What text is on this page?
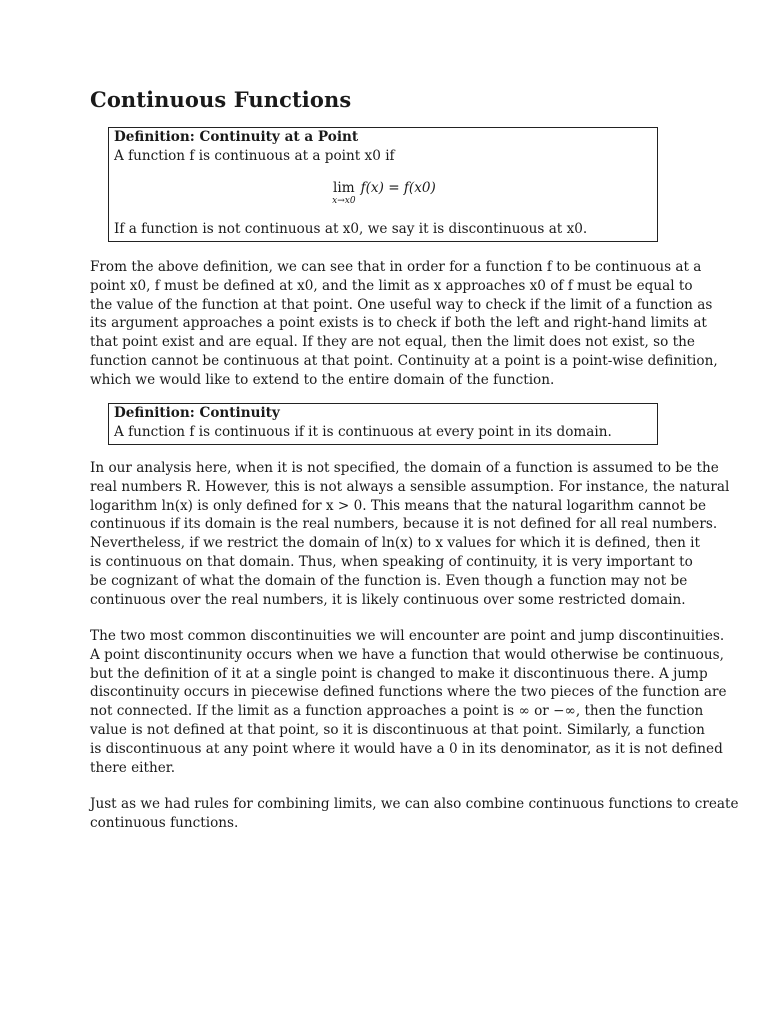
Continuous Functions
Definition: Continuity at a Point
A function f is continuous at a point x0 if
lim
x→x0
f(x) = f(x0)
If a function is not continuous at x0, we say it is discontinuous at x0.
From the above definition, we can see that in order for a function f to be continuous at a
point x0, f must be defined at x0, and the limit as x approaches x0 of f must be equal to
the value of the function at that point. One useful way to check if the limit of a function as
its argument approaches a point exists is to check if both the left and right-hand limits at
that point exist and are equal. If they are not equal, then the limit does not exist, so the
function cannot be continuous at that point. Continuity at a point is a point-wise definition,
which we would like to extend to the entire domain of the function.
Definition: Continuity
A function f is continuous if it is continuous at every point in its domain.
In our analysis here, when it is not specified, the domain of a function is assumed to be the
real numbers R. However, this is not always a sensible assumption. For instance, the natural
logarithm ln(x) is only defined for x > 0. This means that the natural logarithm cannot be
continuous if its domain is the real numbers, because it is not defined for all real numbers.
Nevertheless, if we restrict the domain of ln(x) to x values for which it is defined, then it
is continuous on that domain. Thus, when speaking of continuity, it is very important to
be cognizant of what the domain of the function is. Even though a function may not be
continuous over the real numbers, it is likely continuous over some restricted domain.
The two most common discontinuities we will encounter are point and jump discontinuities.
A point discontinunity occurs when we have a function that would otherwise be continuous,
but the definition of it at a single point is changed to make it discontinuous there. A jump
discontinuity occurs in piecewise defined functions where the two pieces of the function are
not connected. If the limit as a function approaches a point is ∞ or −∞, then the function
value is not defined at that point, so it is discontinuous at that point. Similarly, a function
is discontinuous at any point where it would have a 0 in its denominator, as it is not defined
there either.
Just as we had rules for combining limits, we can also combine continuous functions to create
continuous functions.
